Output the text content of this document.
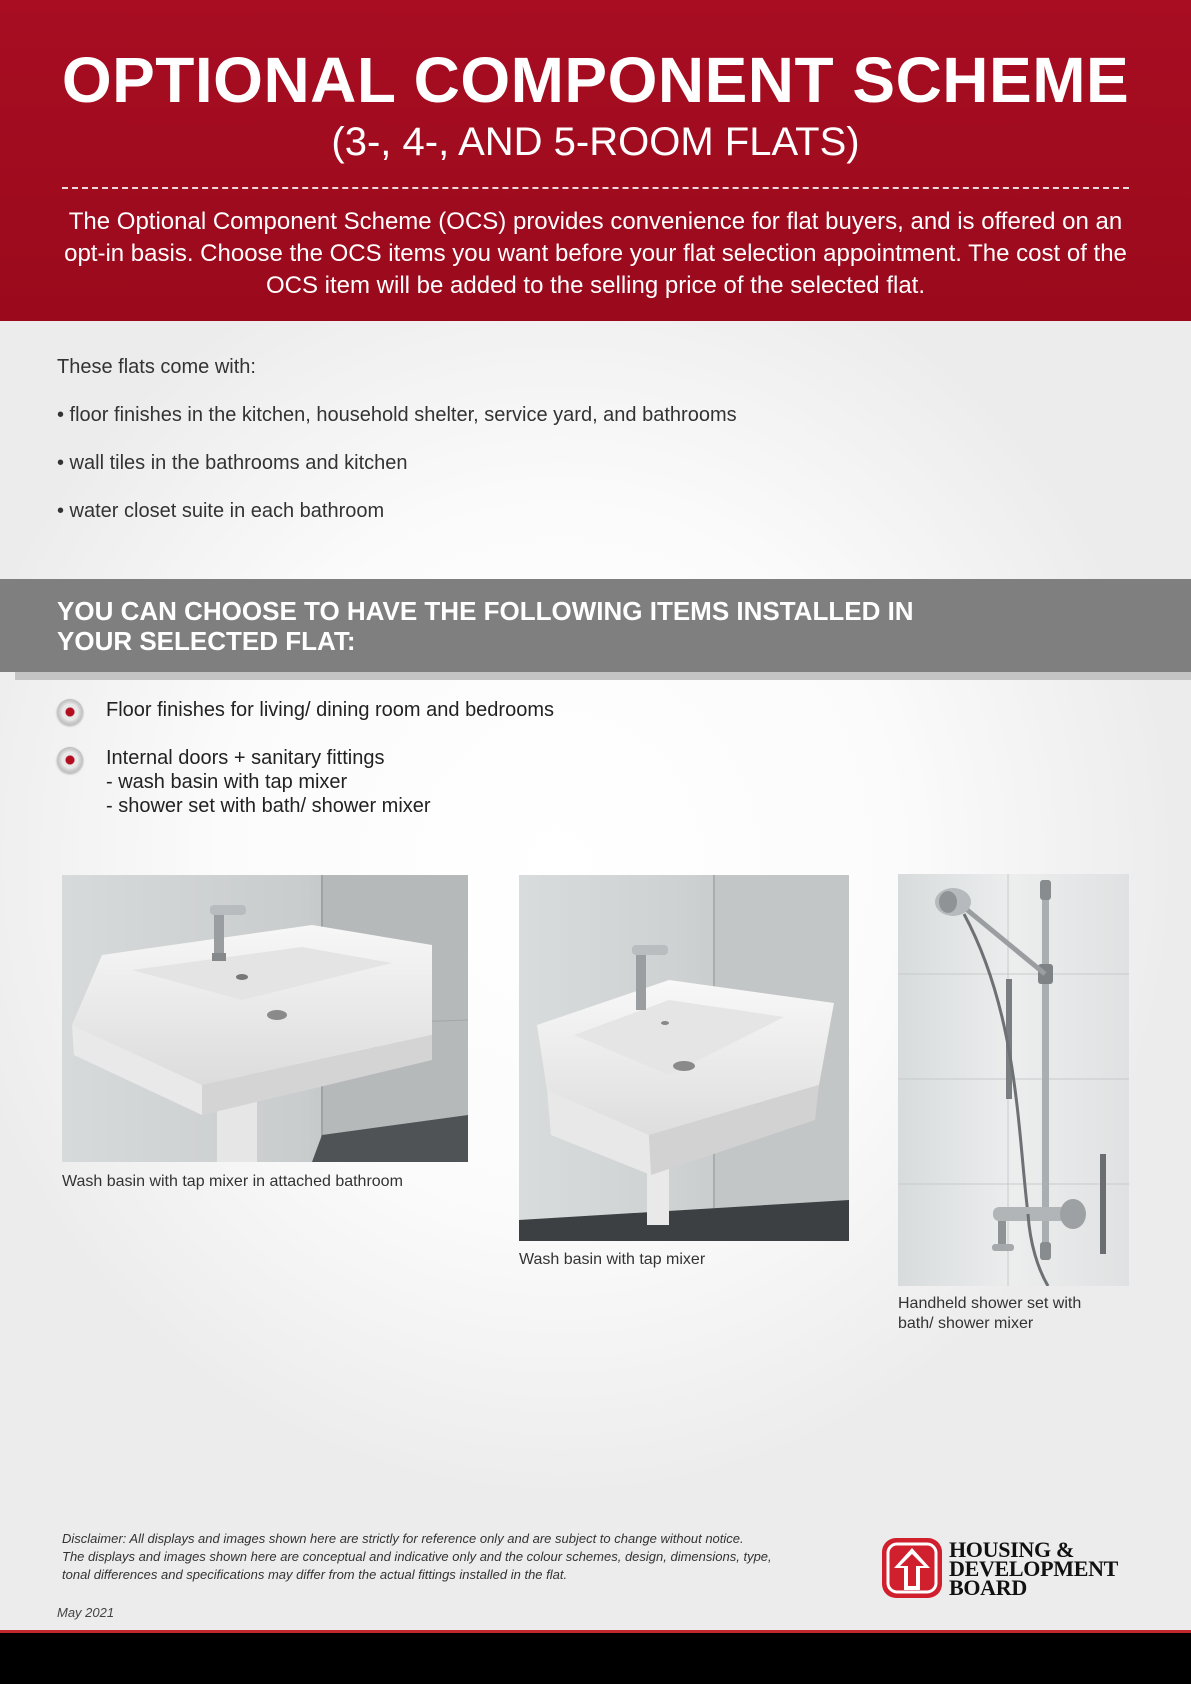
OPTIONAL COMPONENT SCHEME
(3-, 4-, AND 5-ROOM FLATS)
The Optional Component Scheme (OCS) provides convenience for flat buyers, and is offered on an opt-in basis. Choose the OCS items you want before your flat selection appointment. The cost of the OCS item will be added to the selling price of the selected flat.
These flats come with:
• floor finishes in the kitchen, household shelter, service yard, and bathrooms
• wall tiles in the bathrooms and kitchen
• water closet suite in each bathroom
YOU CAN CHOOSE TO HAVE THE FOLLOWING ITEMS INSTALLED IN
YOUR SELECTED FLAT:
Floor finishes for living/ dining room and bedrooms
Internal doors + sanitary fittings
- wash basin with tap mixer
- shower set with bath/ shower mixer
Wash basin with tap mixer in attached bathroom
Wash basin with tap mixer
Handheld shower set with
bath/ shower mixer
Disclaimer: All displays and images shown here are strictly for reference only and are subject to change without notice.
The displays and images shown here are conceptual and indicative only and the colour schemes, design, dimensions, type,
tonal differences and specifications may differ from the actual fittings installed in the flat.
May 2021
HOUSING &
DEVELOPMENT
BOARD
